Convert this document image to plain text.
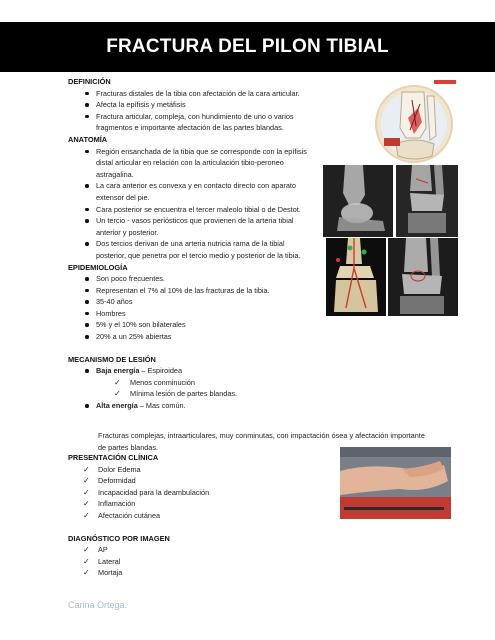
FRACTURA DEL PILON TIBIAL
DEFINICIÓN
Fracturas distales de la tibia con afectación de la cara articular.
Afecta la epífisis y metáfisis
Fractura articular, compleja, con hundimiento de uno o varios fragmentos e importante afectación de las partes blandas.
ANATOMÍA
Región ensanchada de la tibia que se corresponde con la epífisis distal articular en relación con la articulación tibio-peroneo astragalina.
La cara anterior es convexa y en contacto directo con aparato extensor del pie.
Cara posterior se encuentra el tercer maleolo tibial o de Destot.
Un tercio - vasos periósticos que provienen de la arteria tibial anterior y posterior.
Dos tercios derivan de una arteria nutricia rama de la tibial posterior, que penetra por el tercio medio y posterior de la tibia.
EPIDEMIOLOGÍA
Son poco frecuentes.
Representan el 7% al 10% de las fracturas de la tibia.
35-40 años
Hombres
5% y el 10% son bilaterales
20% a un 25% abiertas
MECANISMO DE LESIÓN
Baja energía – Espiroidea
✓ Menos conminución
✓ Mínima lesión de partes blandas.
Alta energía – Mas común.
Fracturas complejas, intraarticulares, muy conminutas, con impactación ósea y afectación importante de partes blandas.
PRESENTACIÓN CLÍNICA
✓ Dolor Edema
✓ Deformidad
✓ Incapacidad para la deambulación
✓ Inflamación
✓ Afectación cutánea
DIAGNÓSTICO POR IMAGEN
✓ AP
✓ Lateral
✓ Mortaja
Carina Ortega.
